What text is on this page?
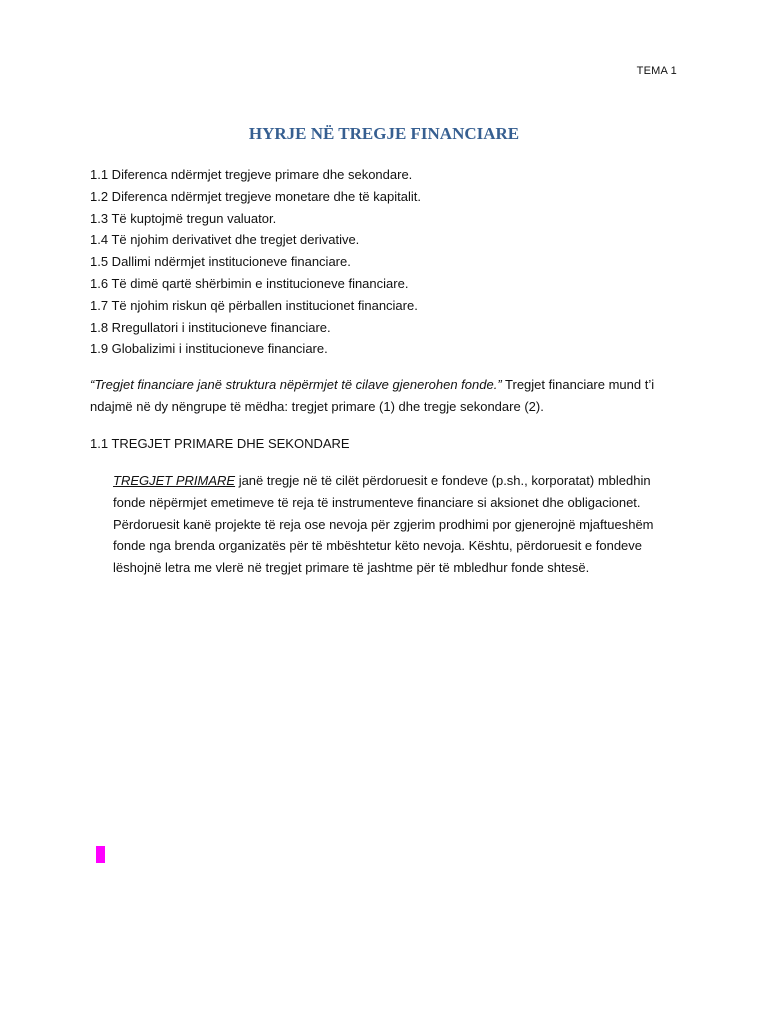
TEMA 1
HYRJE NË TREGJE FINANCIARE
1.1 Diferenca ndërmjet tregjeve primare dhe sekondare.
1.2 Diferenca ndërmjet tregjeve monetare dhe të kapitalit.
1.3 Të kuptojmë tregun valuator.
1.4 Të njohim derivativet dhe tregjet derivative.
1.5 Dallimi ndërmjet institucioneve financiare.
1.6 Të dimë qartë shërbimin e institucioneve financiare.
1.7 Të njohim riskun që përballen institucionet financiare.
1.8 Rregullatori i institucioneve financiare.
1.9 Globalizimi i institucioneve financiare.

“Tregjet financiare janë struktura nëpërmjet të cilave gjenerohen fonde.” Tregjet financiare mund t’i ndajmë në dy nëngrupe të mëdha: tregjet primare (1) dhe tregje sekondare (2).

1.1 TREGJET PRIMARE DHE SEKONDARE

TREGJET PRIMARE janë tregje në të cilët përdoruesit e fondeve (p.sh., korporatat) mbledhin fonde nëpërmjet emetimeve të reja të instrumenteve financiare si aksionet dhe obligacionet. Përdoruesit kanë projekte të reja ose nevoja për zgjerim prodhimi por gjenerojnë mjaftueshëm fonde nga brenda organizatës për të mbështetur këto nevoja. Kështu, përdoruesit e fondeve lëshojnë letra me vlerë në tregjet primare të jashtme për të mbledhur fonde shtesë.
